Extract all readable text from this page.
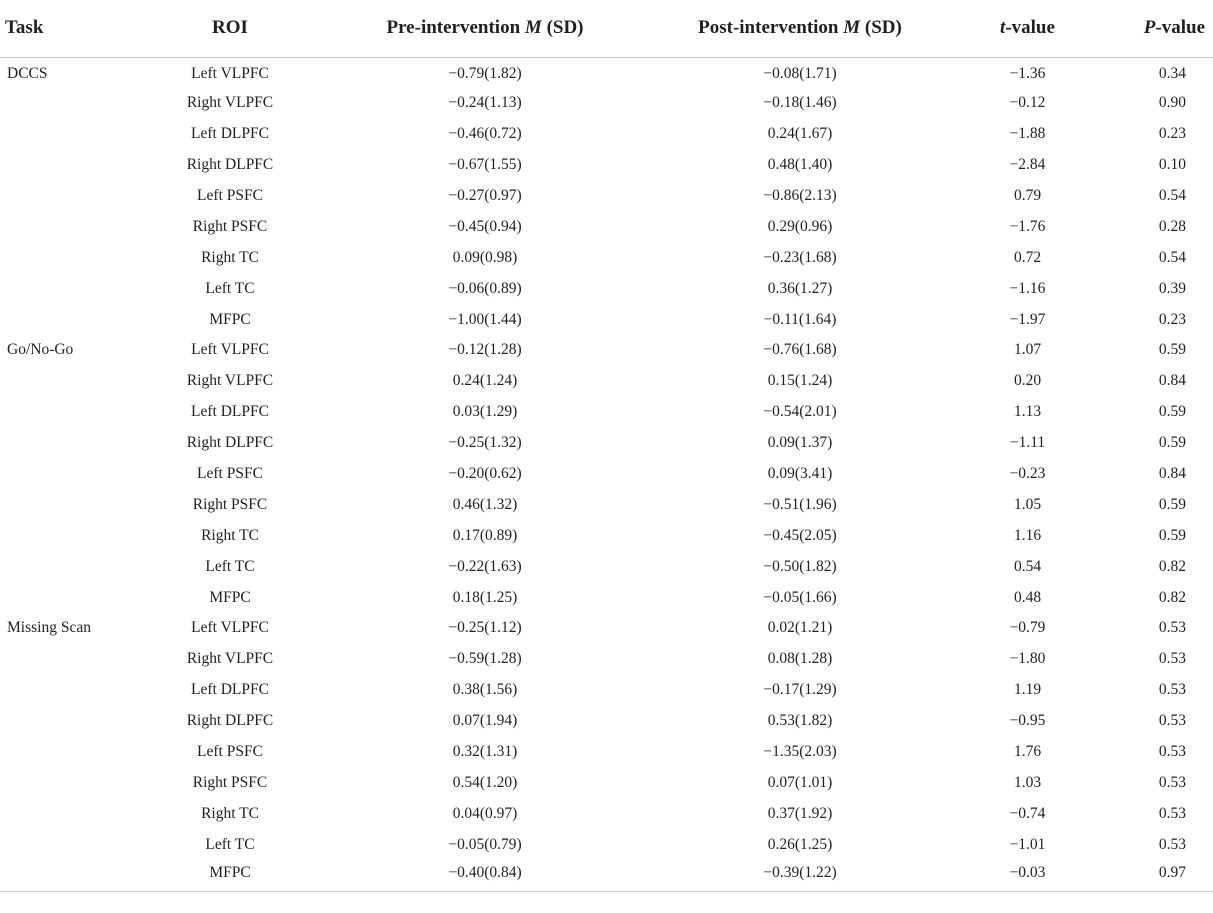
Task	ROI	Pre-intervention M (SD)	Post-intervention M (SD)	t-value	P-value
DCCS	Left VLPFC	−0.79(1.82)	−0.08(1.71)	−1.36	0.34
	Right VLPFC	−0.24(1.13)	−0.18(1.46)	−0.12	0.90
	Left DLPFC	−0.46(0.72)	0.24(1.67)	−1.88	0.23
	Right DLPFC	−0.67(1.55)	0.48(1.40)	−2.84	0.10
	Left PSFC	−0.27(0.97)	−0.86(2.13)	0.79	0.54
	Right PSFC	−0.45(0.94)	0.29(0.96)	−1.76	0.28
	Right TC	0.09(0.98)	−0.23(1.68)	0.72	0.54
	Left TC	−0.06(0.89)	0.36(1.27)	−1.16	0.39
	MFPC	−1.00(1.44)	−0.11(1.64)	−1.97	0.23
Go/No-Go	Left VLPFC	−0.12(1.28)	−0.76(1.68)	1.07	0.59
	Right VLPFC	0.24(1.24)	0.15(1.24)	0.20	0.84
	Left DLPFC	0.03(1.29)	−0.54(2.01)	1.13	0.59
	Right DLPFC	−0.25(1.32)	0.09(1.37)	−1.11	0.59
	Left PSFC	−0.20(0.62)	0.09(3.41)	−0.23	0.84
	Right PSFC	0.46(1.32)	−0.51(1.96)	1.05	0.59
	Right TC	0.17(0.89)	−0.45(2.05)	1.16	0.59
	Left TC	−0.22(1.63)	−0.50(1.82)	0.54	0.82
	MFPC	0.18(1.25)	−0.05(1.66)	0.48	0.82
Missing Scan	Left VLPFC	−0.25(1.12)	0.02(1.21)	−0.79	0.53
	Right VLPFC	−0.59(1.28)	0.08(1.28)	−1.80	0.53
	Left DLPFC	0.38(1.56)	−0.17(1.29)	1.19	0.53
	Right DLPFC	0.07(1.94)	0.53(1.82)	−0.95	0.53
	Left PSFC	0.32(1.31)	−1.35(2.03)	1.76	0.53
	Right PSFC	0.54(1.20)	0.07(1.01)	1.03	0.53
	Right TC	0.04(0.97)	0.37(1.92)	−0.74	0.53
	Left TC	−0.05(0.79)	0.26(1.25)	−1.01	0.53
	MFPC	−0.40(0.84)	−0.39(1.22)	−0.03	0.97
